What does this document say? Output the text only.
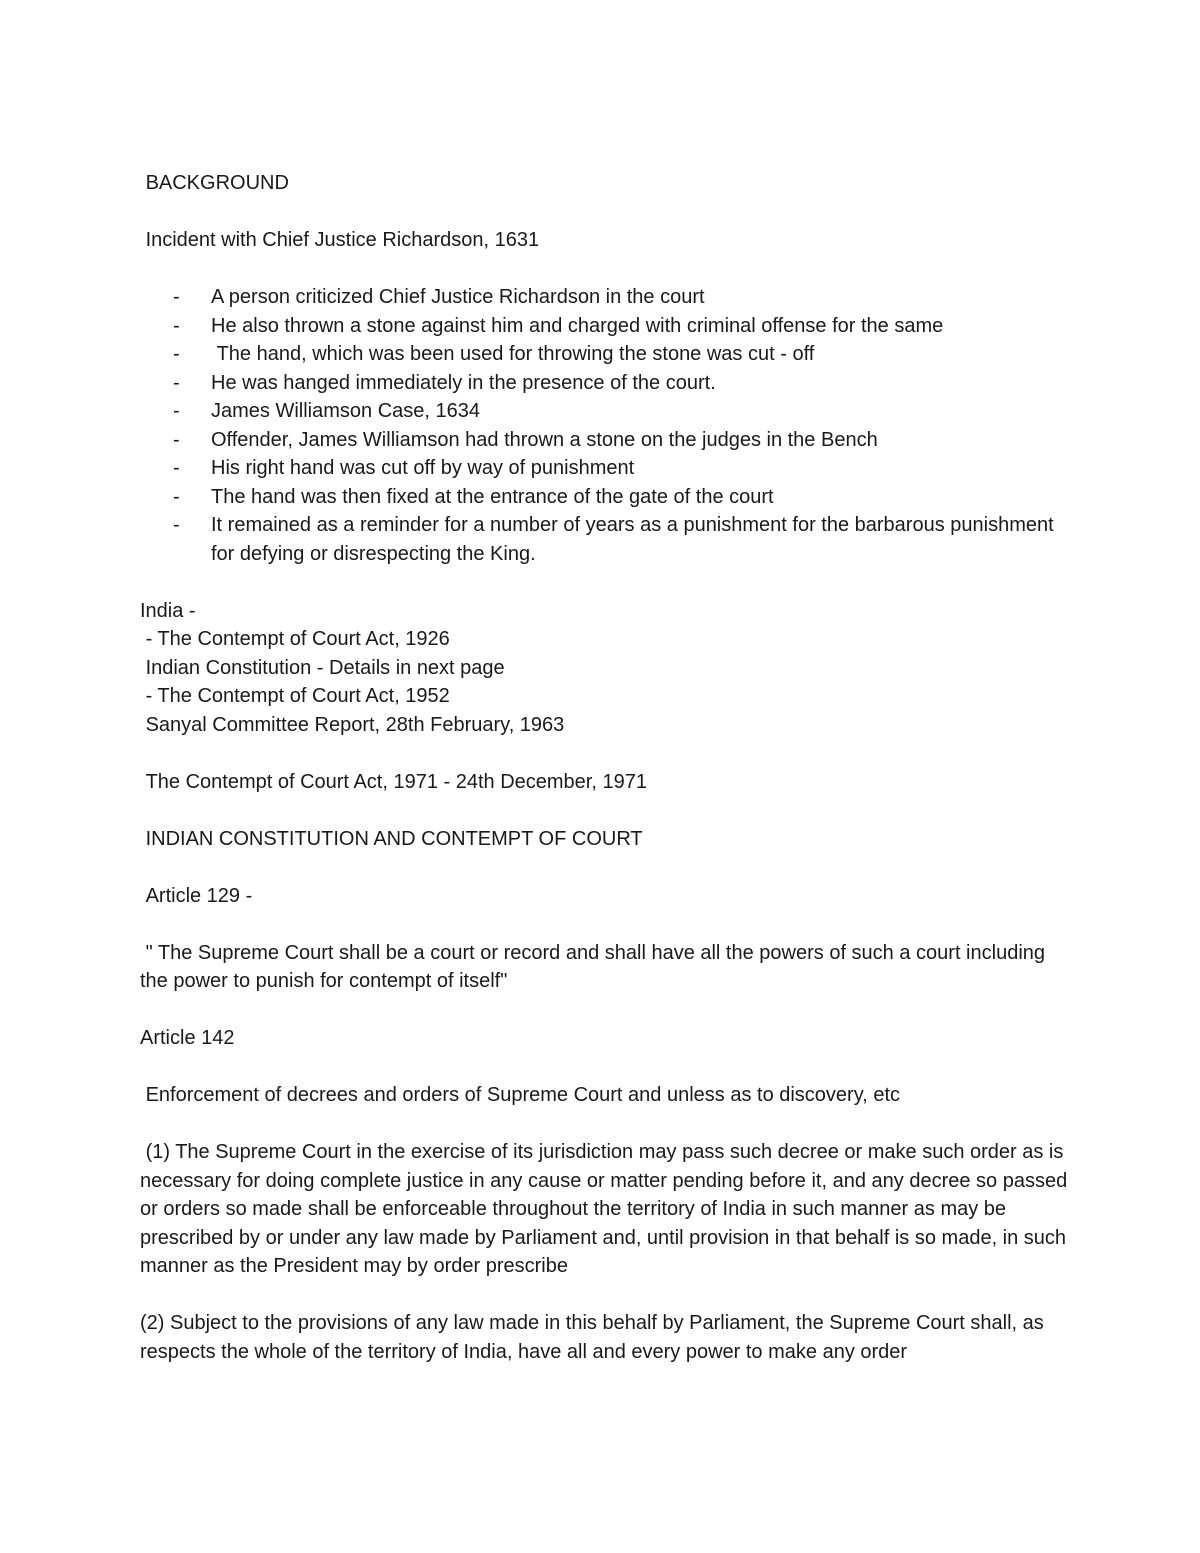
BACKGROUND

Incident with Chief Justice Richardson, 1631

- A person criticized Chief Justice Richardson in the court
- He also thrown a stone against him and charged with criminal offense for the same
- The hand, which was been used for throwing the stone was cut - off
- He was hanged immediately in the presence of the court.
- James Williamson Case, 1634
- Offender, James Williamson had thrown a stone on the judges in the Bench
- His right hand was cut off by way of punishment
- The hand was then fixed at the entrance of the gate of the court
- It remained as a reminder for a number of years as a punishment for the barbarous punishment for defying or disrespecting the King.

India -

- The Contempt of Court Act, 1926

Indian Constitution - Details in next page

- The Contempt of Court Act, 1952

Sanyal Committee Report, 28th February, 1963

The Contempt of Court Act, 1971 - 24th December, 1971

INDIAN CONSTITUTION AND CONTEMPT OF COURT

Article 129 -

" The Supreme Court shall be a court or record and shall have all the powers of such a court including the power to punish for contempt of itself"

Article 142

Enforcement of decrees and orders of Supreme Court and unless as to discovery, etc

(1) The Supreme Court in the exercise of its jurisdiction may pass such decree or make such order as is necessary for doing complete justice in any cause or matter pending before it, and any decree so passed or orders so made shall be enforceable throughout the territory of India in such manner as may be prescribed by or under any law made by Parliament and, until provision in that behalf is so made, in such manner as the President may by order prescribe

(2) Subject to the provisions of any law made in this behalf by Parliament, the Supreme Court shall, as respects the whole of the territory of India, have all and every power to make any order
